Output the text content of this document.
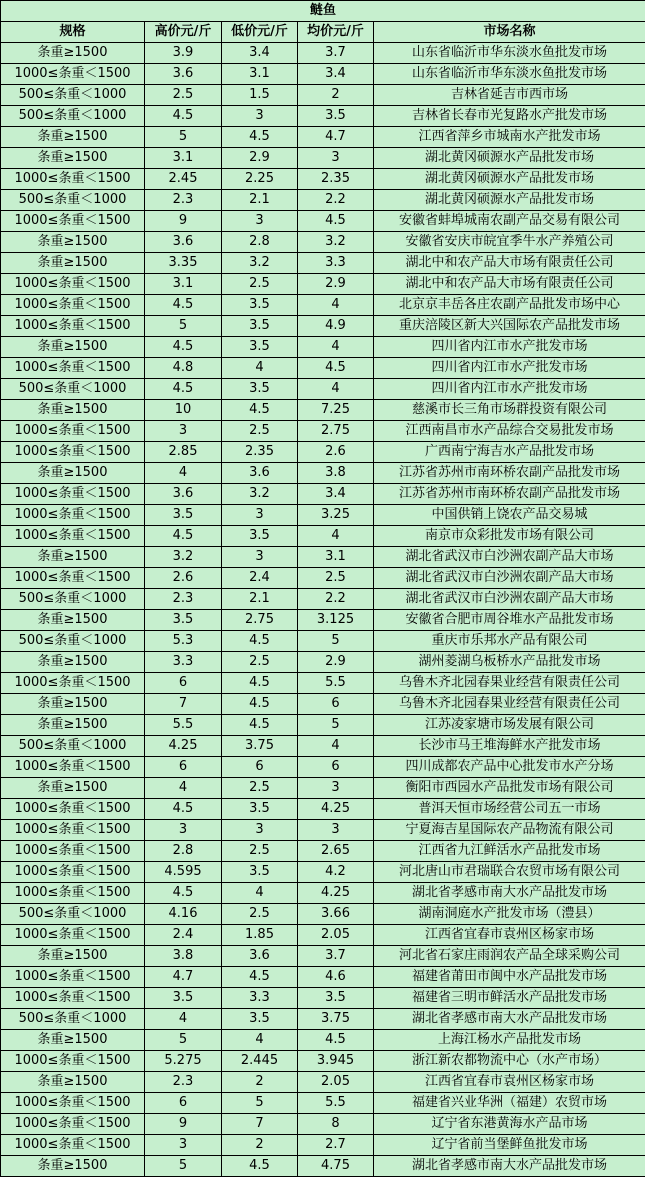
鲢鱼				
规格	高价元/斤	低价元/斤	均价元/斤	市场名称
条重≥1500	3.9	3.4	3.7	山东省临沂市华东淡水鱼批发市场
1000≤条重＜1500	3.6	3.1	3.4	山东省临沂市华东淡水鱼批发市场
500≤条重＜1000	2.5	1.5	2	吉林省延吉市西市场
500≤条重＜1000	4.5	3	3.5	吉林省长春市光复路水产批发市场
条重≥1500	5	4.5	4.7	江西省萍乡市城南水产批发市场
条重≥1500	3.1	2.9	3	湖北黄冈硕源水产品批发市场
1000≤条重＜1500	2.45	2.25	2.35	湖北黄冈硕源水产品批发市场
500≤条重＜1000	2.3	2.1	2.2	湖北黄冈硕源水产品批发市场
1000≤条重＜1500	9	3	4.5	安徽省蚌埠城南农副产品交易有限公司
条重≥1500	3.6	2.8	3.2	安徽省安庆市皖宜季牛水产养殖公司
条重≥1500	3.35	3.2	3.3	湖北中和农产品大市场有限责任公司
1000≤条重＜1500	3.1	2.5	2.9	湖北中和农产品大市场有限责任公司
1000≤条重＜1500	4.5	3.5	4	北京京丰岳各庄农副产品批发市场中心
1000≤条重＜1500	5	3.5	4.9	重庆涪陵区新大兴国际农产品批发市场
条重≥1500	4.5	3.5	4	四川省内江市水产批发市场
1000≤条重＜1500	4.8	4	4.5	四川省内江市水产批发市场
500≤条重＜1000	4.5	3.5	4	四川省内江市水产批发市场
条重≥1500	10	4.5	7.25	慈溪市长三角市场群投资有限公司
1000≤条重＜1500	3	2.5	2.75	江西南昌市水产品综合交易批发市场
1000≤条重＜1500	2.85	2.35	2.6	广西南宁海吉水产品批发市场
条重≥1500	4	3.6	3.8	江苏省苏州市南环桥农副产品批发市场
1000≤条重＜1500	3.6	3.2	3.4	江苏省苏州市南环桥农副产品批发市场
1000≤条重＜1500	3.5	3	3.25	中国供销上饶农产品交易城
1000≤条重＜1500	4.5	3.5	4	南京市众彩批发市场有限公司
条重≥1500	3.2	3	3.1	湖北省武汉市白沙洲农副产品大市场
1000≤条重＜1500	2.6	2.4	2.5	湖北省武汉市白沙洲农副产品大市场
500≤条重＜1000	2.3	2.1	2.2	湖北省武汉市白沙洲农副产品大市场
条重≥1500	3.5	2.75	3.125	安徽省合肥市周谷堆水产品批发市场
500≤条重＜1000	5.3	4.5	5	重庆市乐邦水产品有限公司
条重≥1500	3.3	2.5	2.9	湖州菱湖乌板桥水产品批发市场
1000≤条重＜1500	6	4.5	5.5	乌鲁木齐北园春果业经营有限责任公司
条重≥1500	7	4.5	6	乌鲁木齐北园春果业经营有限责任公司
条重≥1500	5.5	4.5	5	江苏凌家塘市场发展有限公司
500≤条重＜1000	4.25	3.75	4	长沙市马王堆海鲜水产批发市场
1000≤条重＜1500	6	6	6	四川成都农产品中心批发市水产分场
条重≥1500	4	2.5	3	衡阳市西园水产品批发市场有限公司
1000≤条重＜1500	4.5	3.5	4.25	普洱天恒市场经营公司五一市场
1000≤条重＜1500	3	3	3	宁夏海吉星国际农产品物流有限公司
1000≤条重＜1500	2.8	2.5	2.65	江西省九江鲜活水产品批发市场
1000≤条重＜1500	4.595	3.5	4.2	河北唐山市君瑞联合农贸市场有限公司
1000≤条重＜1500	4.5	4	4.25	湖北省孝感市南大水产品批发市场
500≤条重＜1000	4.16	2.5	3.66	湖南洞庭水产批发市场（澧县）
1000≤条重＜1500	2.4	1.85	2.05	江西省宜春市袁州区杨家市场
条重≥1500	3.8	3.6	3.7	河北省石家庄雨润农产品全球采购公司
1000≤条重＜1500	4.7	4.5	4.6	福建省莆田市闽中水产品批发市场
1000≤条重＜1500	3.5	3.3	3.5	福建省三明市鲜活水产品批发市场
500≤条重＜1000	4	3.5	3.75	湖北省孝感市南大水产品批发市场
条重≥1500	5	4	4.5	上海江杨水产品批发市场
1000≤条重＜1500	5.275	2.445	3.945	浙江新农都物流中心（水产市场）
条重≥1500	2.3	2	2.05	江西省宜春市袁州区杨家市场
1000≤条重＜1500	6	5	5.5	福建省兴业华洲（福建）农贸市场
1000≤条重＜1500	9	7	8	辽宁省东港黄海水产品市场
1000≤条重＜1500	3	2	2.7	辽宁省前当堡鲜鱼批发市场
条重≥1500	5	4.5	4.75	湖北省孝感市南大水产品批发市场
